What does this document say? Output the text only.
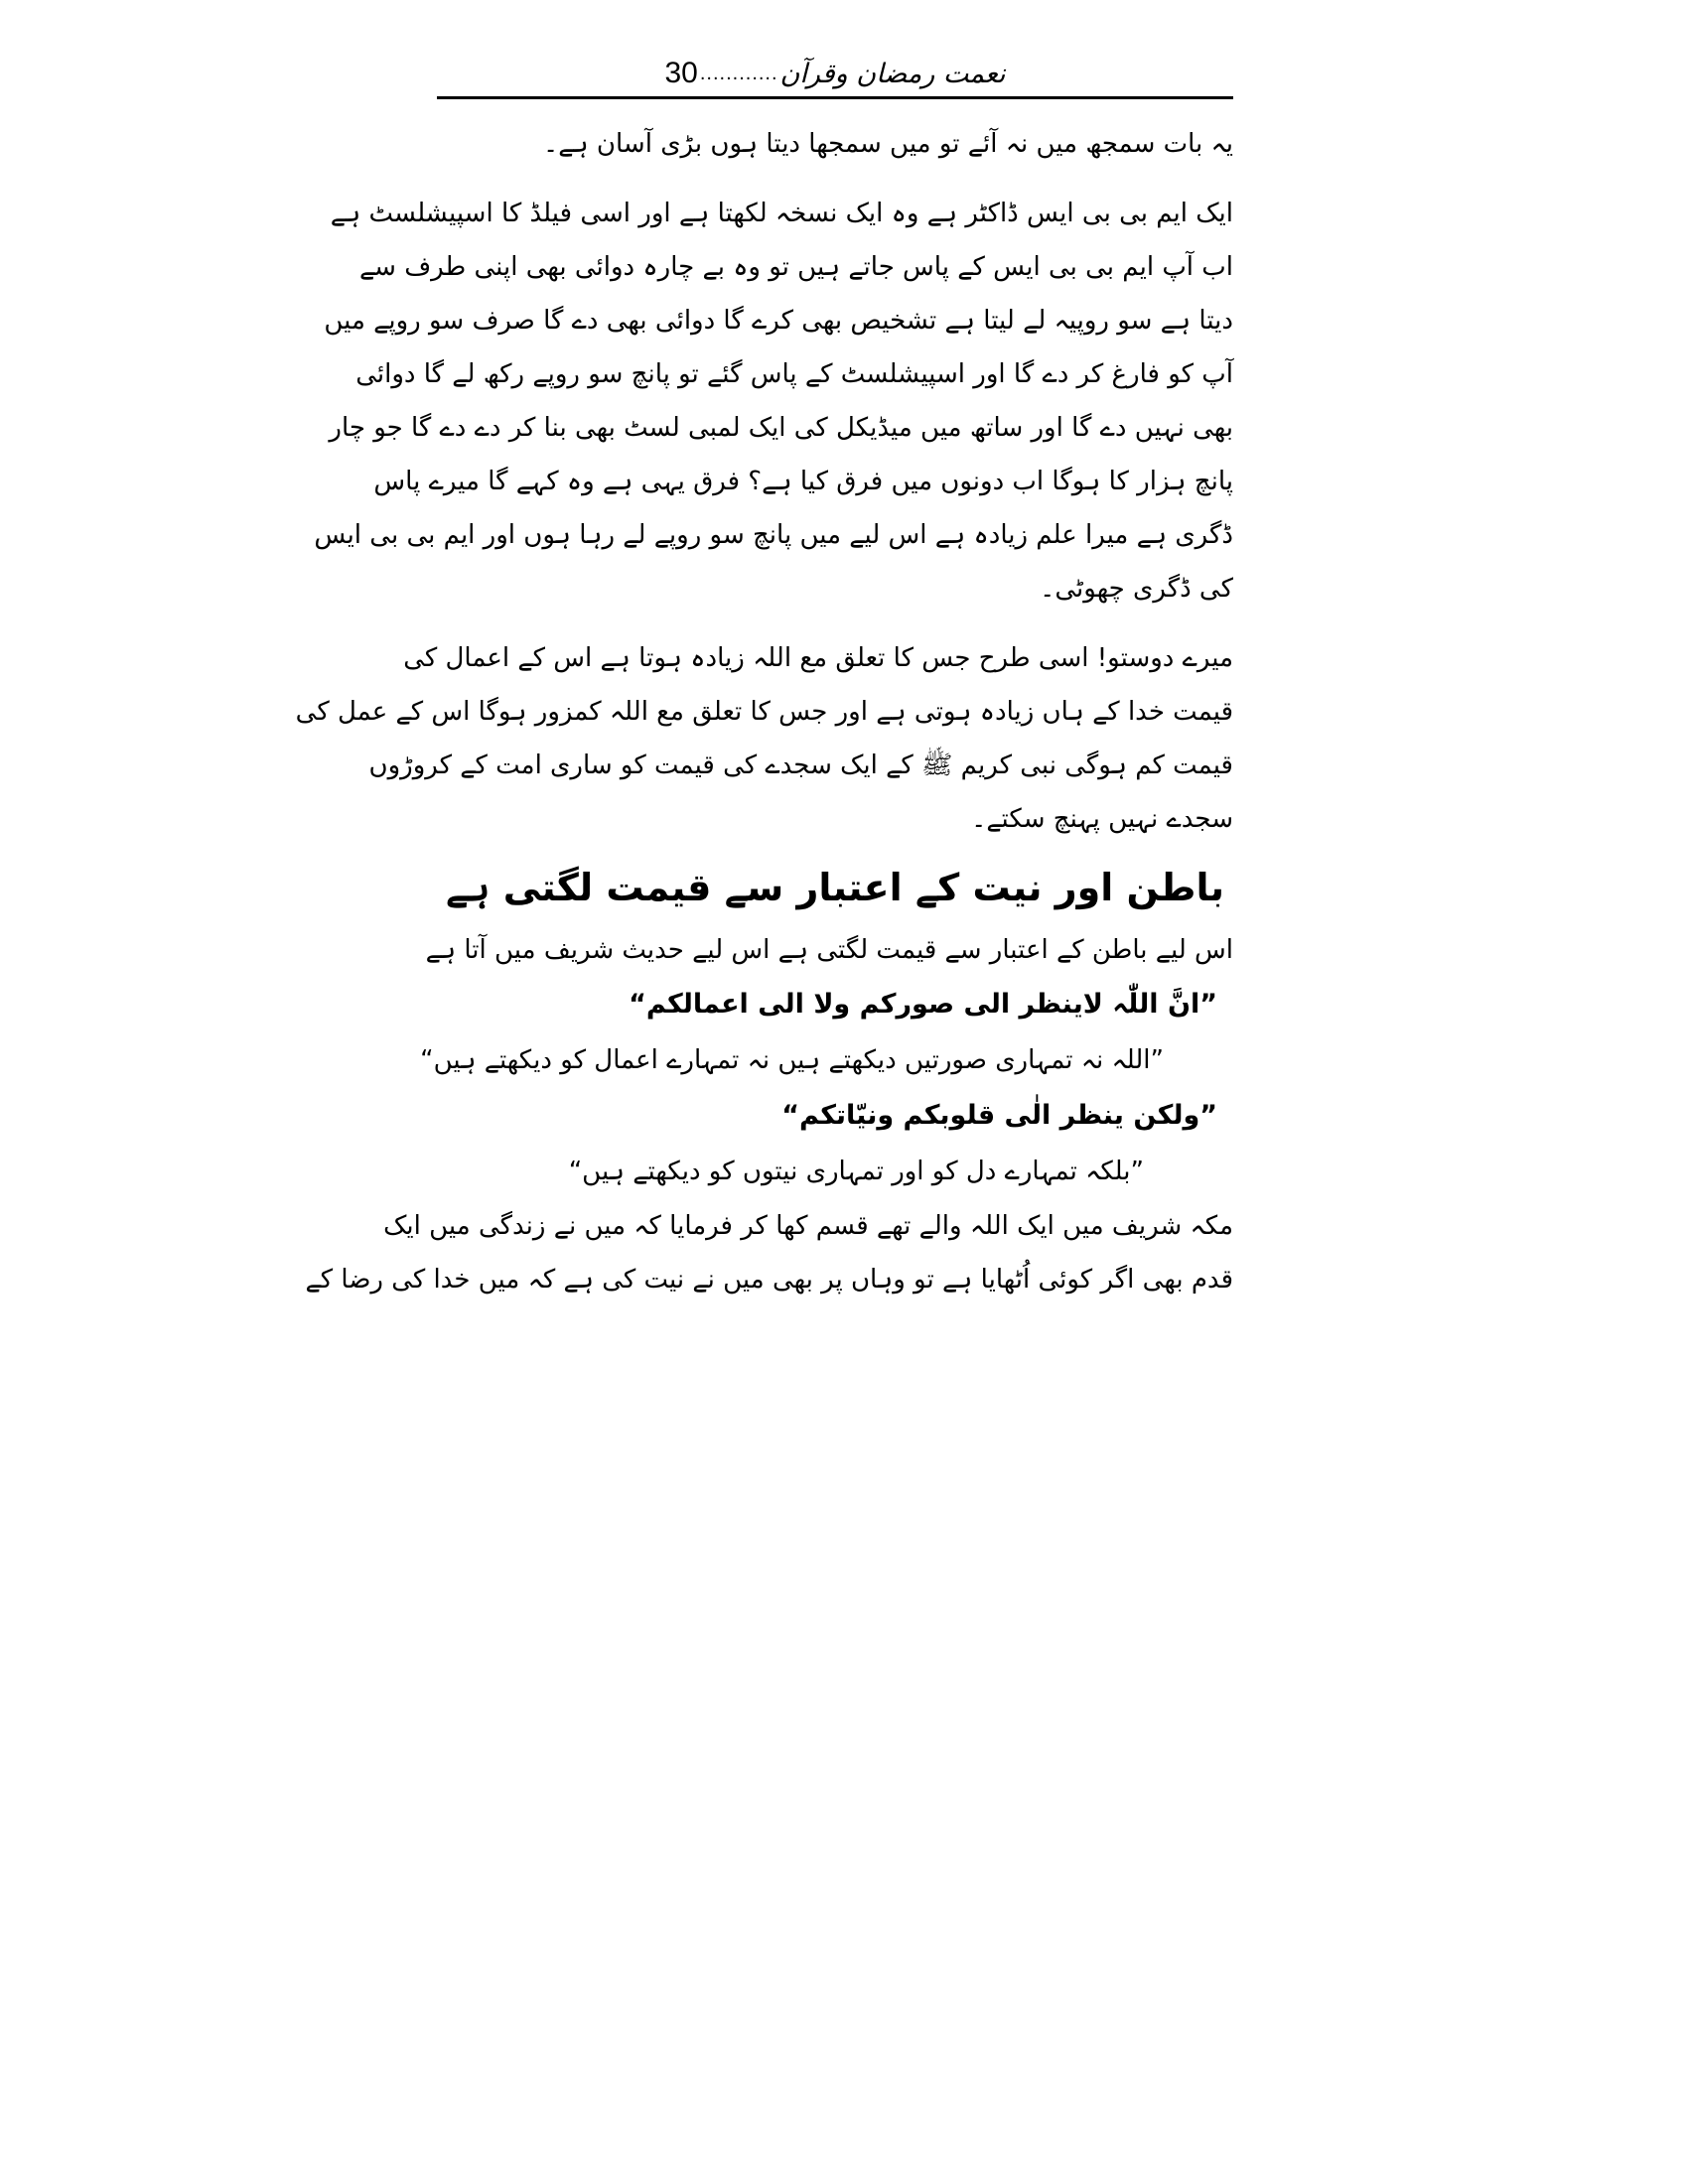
30 ............ نعمت رمضان وقرآن
یہ بات سمجھ میں نہ آئے تو میں سمجھا دیتا ہوں بڑی آسان ہے۔
ایک ایم بی بی ایس ڈاکٹر ہے وہ ایک نسخہ لکھتا ہے اور اسی فیلڈ کا اسپیشلسٹ ہے
اب آپ ایم بی بی ایس کے پاس جاتے ہیں تو وہ بے چارہ دوائی بھی اپنی طرف سے
دیتا ہے سو روپیہ لے لیتا ہے تشخیص بھی کرے گا دوائی بھی دے گا صرف سو روپے میں
آپ کو فارغ کر دے گا اور اسپیشلسٹ کے پاس گئے تو پانچ سو روپے رکھ لے گا دوائی
بھی نہیں دے گا اور ساتھ میں میڈیکل کی ایک لمبی لسٹ بھی بنا کر دے دے گا جو چار
پانچ ہزار کا ہوگا اب دونوں میں فرق کیا ہے؟ فرق یہی ہے وہ کہے گا میرے پاس
ڈگری ہے میرا علم زیادہ ہے اس لیے میں پانچ سو روپے لے رہا ہوں اور ایم بی بی ایس
کی ڈگری چھوٹی۔
میرے دوستو! اسی طرح جس کا تعلق مع اللہ زیادہ ہوتا ہے اس کے اعمال کی
قیمت خدا کے ہاں زیادہ ہوتی ہے اور جس کا تعلق مع اللہ کمزور ہوگا اس کے عمل کی
قیمت کم ہوگی نبی کریم ﷺ کے ایک سجدے کی قیمت کو ساری امت کے کروڑوں
سجدے نہیں پہنچ سکتے۔
باطن اور نیت کے اعتبار سے قیمت لگتی ہے
اس لیے باطن کے اعتبار سے قیمت لگتی ہے اس لیے حدیث شریف میں آتا ہے
”انَّ اللّٰہ لاینظر الی صورکم ولا الی اعمالکم“
”اللہ نہ تمہاری صورتیں دیکھتے ہیں نہ تمہارے اعمال کو دیکھتے ہیں“
”ولکن ینظر الٰی قلوبکم ونیّاتکم“
”بلکہ تمہارے دل کو اور تمہاری نیتوں کو دیکھتے ہیں“
مکہ شریف میں ایک اللہ والے تھے قسم کھا کر فرمایا کہ میں نے زندگی میں ایک
قدم بھی اگر کوئی اُٹھایا ہے تو وہاں پر بھی میں نے نیت کی ہے کہ میں خدا کی رضا کے
